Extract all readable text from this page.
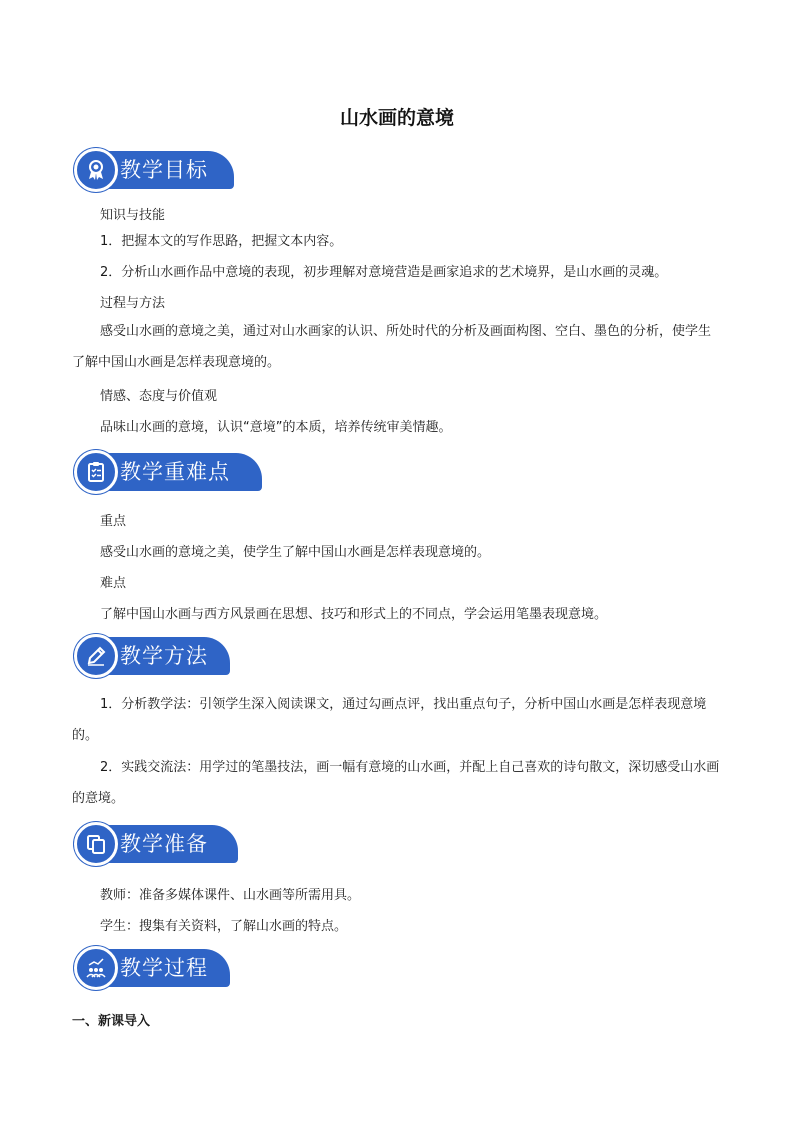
山水画的意境
教学目标
知识与技能
1．把握本文的写作思路，把握文本内容。
2．分析山水画作品中意境的表现，初步理解对意境营造是画家追求的艺术境界，是山水画的灵魂。
过程与方法
感受山水画的意境之美，通过对山水画家的认识、所处时代的分析及画面构图、空白、墨色的分析，使学生了解中国山水画是怎样表现意境的。
情感、态度与价值观
品味山水画的意境，认识“意境”的本质，培养传统审美情趣。
教学重难点
重点
感受山水画的意境之美，使学生了解中国山水画是怎样表现意境的。
难点
了解中国山水画与西方风景画在思想、技巧和形式上的不同点，学会运用笔墨表现意境。
教学方法
1．分析教学法：引领学生深入阅读课文，通过勾画点评，找出重点句子，分析中国山水画是怎样表现意境的。
2．实践交流法：用学过的笔墨技法，画一幅有意境的山水画，并配上自己喜欢的诗句散文，深切感受山水画的意境。
教学准备
教师：准备多媒体课件、山水画等所需用具。
学生：搜集有关资料，了解山水画的特点。
教学过程
一、新课导入
